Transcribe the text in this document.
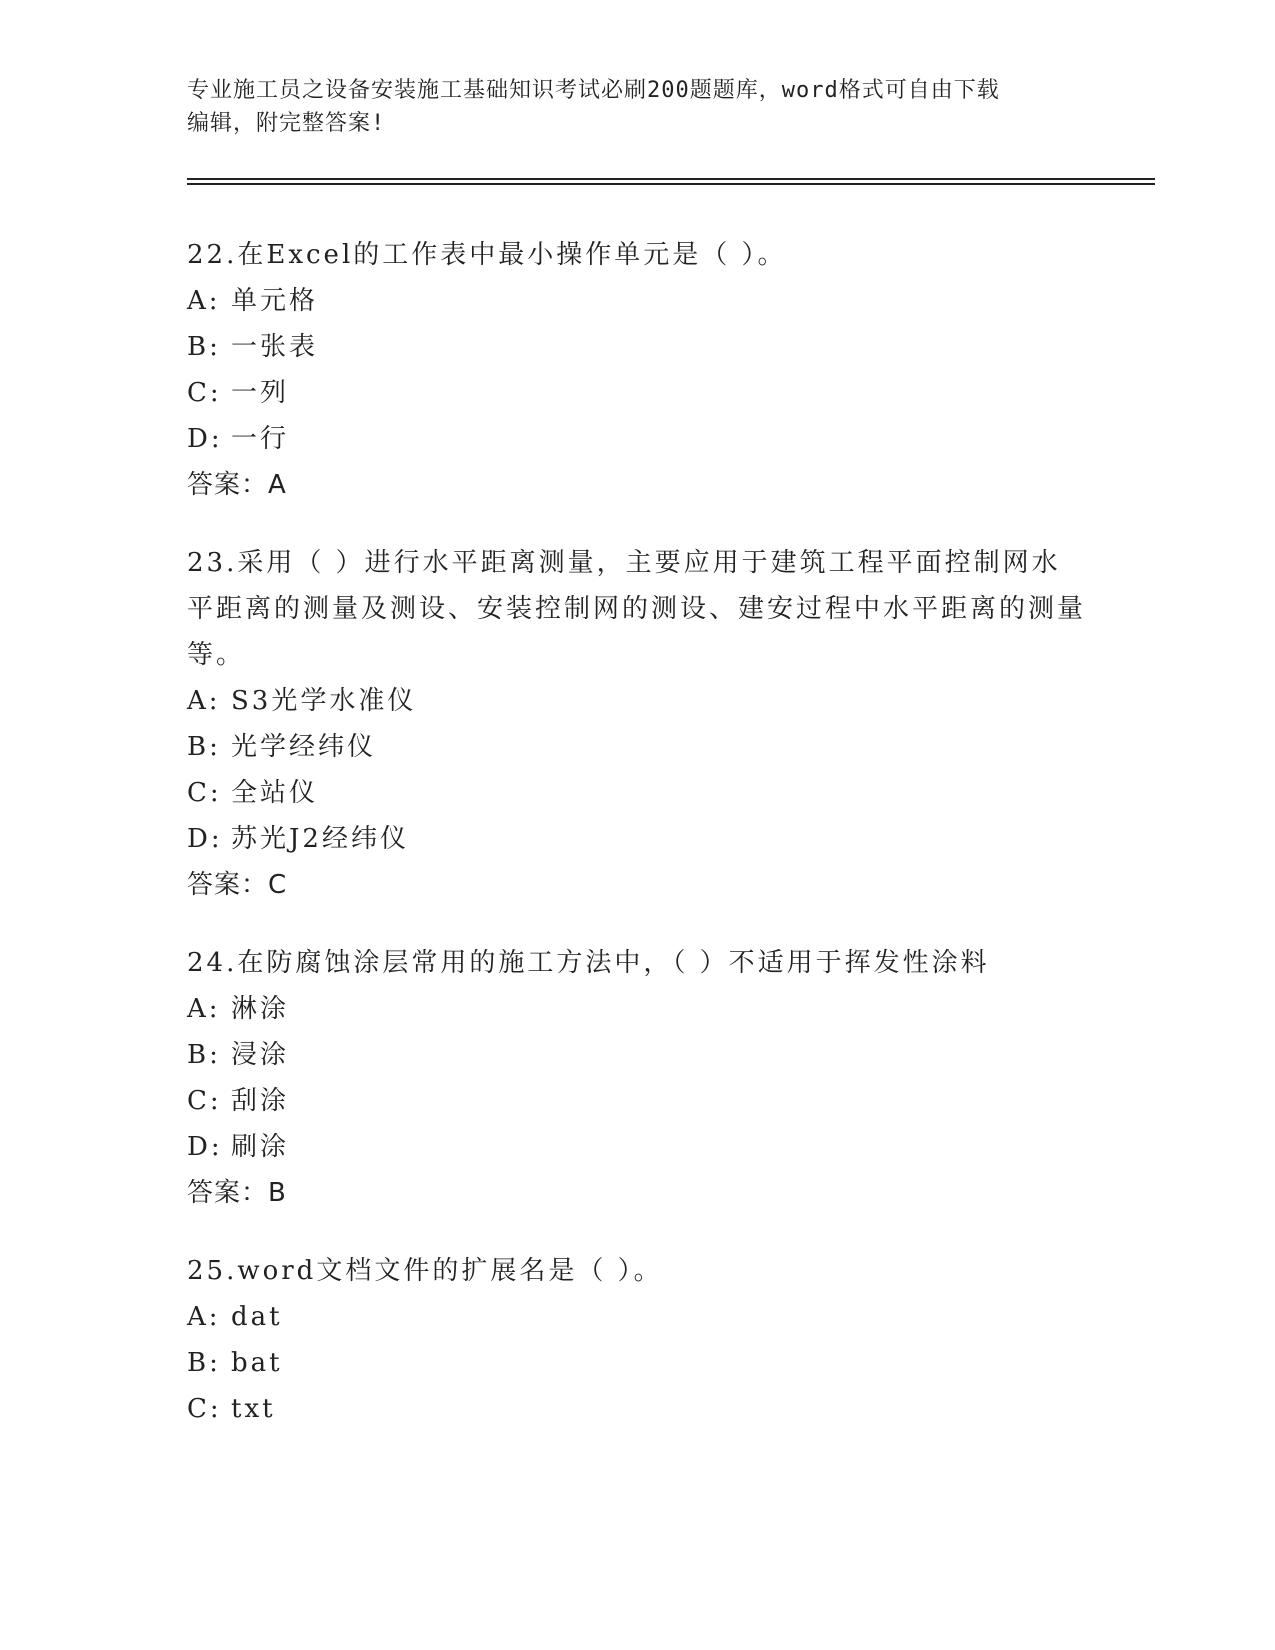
专业施工员之设备安装施工基础知识考试必刷200题题库，word格式可自由下载
编辑，附完整答案!

22.在Excel的工作表中最小操作单元是（ ）。

A: 单元格

B: 一张表

C: 一列

D: 一行

答案：A

23.采用（ ）进行水平距离测量，主要应用于建筑工程平面控制网水平距离的测量及测设、安装控制网的测设、建安过程中水平距离的测量等。

A: S3光学水准仪

B: 光学经纬仪

C: 全站仪

D: 苏光J2经纬仪

答案：C

24.在防腐蚀涂层常用的施工方法中，（ ）不适用于挥发性涂料

A: 淋涂

B: 浸涂

C: 刮涂

D: 刷涂

答案：B

25.word文档文件的扩展名是（ ）。

A: dat

B: bat

C: txt
